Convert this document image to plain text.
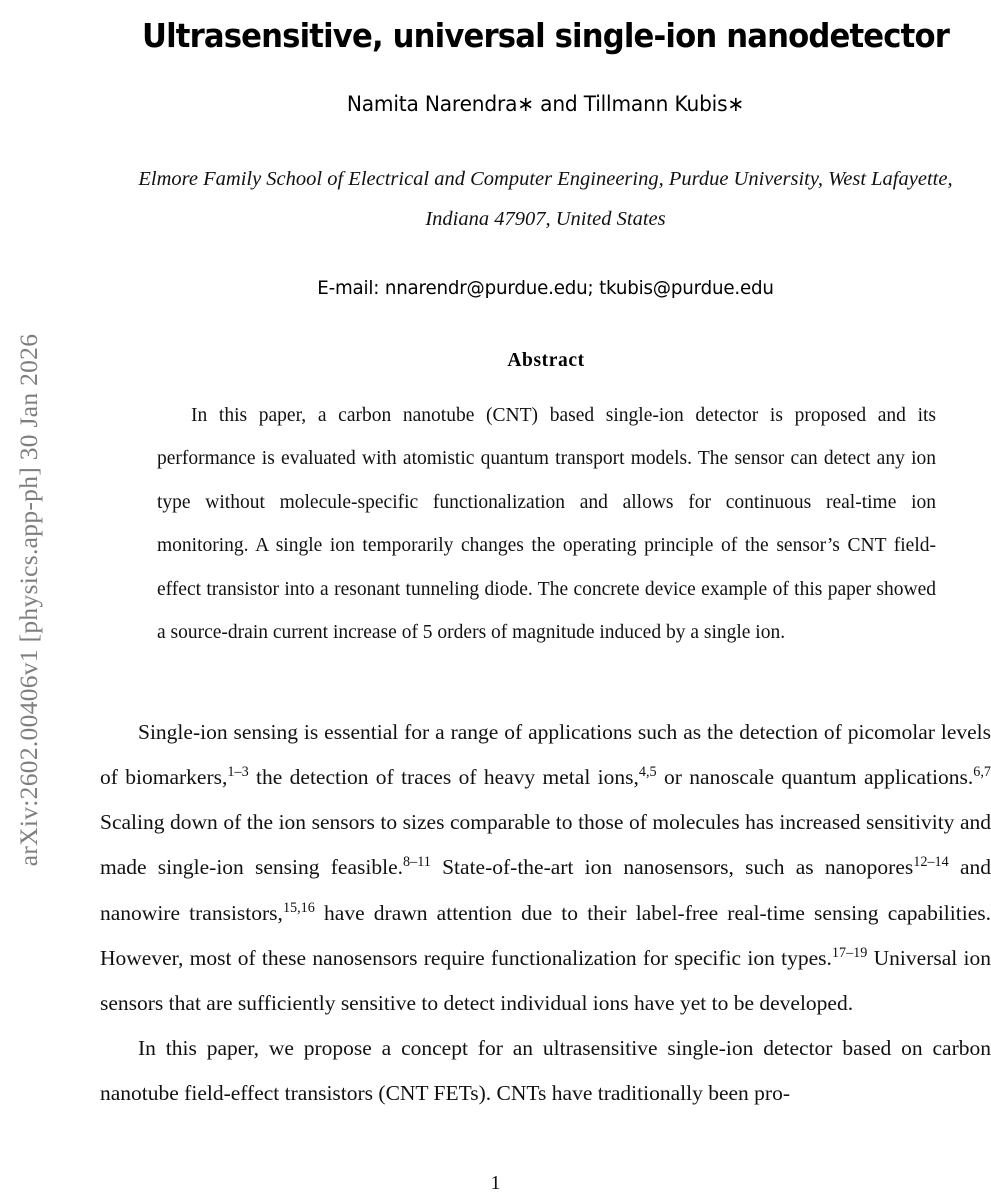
arXiv:2602.00406v1 [physics.app-ph] 30 Jan 2026
Ultrasensitive, universal single-ion nanodetector
Namita Narendra∗ and Tillmann Kubis∗
Elmore Family School of Electrical and Computer Engineering, Purdue University, West Lafayette, Indiana 47907, United States
E-mail: nnarendr@purdue.edu; tkubis@purdue.edu
Abstract

In this paper, a carbon nanotube (CNT) based single-ion detector is proposed and its performance is evaluated with atomistic quantum transport models. The sensor can detect any ion type without molecule-specific functionalization and allows for continuous real-time ion monitoring. A single ion temporarily changes the operating principle of the sensor’s CNT field-effect transistor into a resonant tunneling diode. The concrete device example of this paper showed a source-drain current increase of 5 orders of magnitude induced by a single ion.

Single-ion sensing is essential for a range of applications such as the detection of picomolar levels of biomarkers,$^{1-3}$ the detection of traces of heavy metal ions,$^{4,5}$ or nanoscale quantum applications.$^{6,7}$ Scaling down of the ion sensors to sizes comparable to those of molecules has increased sensitivity and made single-ion sensing feasible.$^{8-11}$ State-of-the-art ion nanosensors, such as nanopores$^{12-14}$ and nanowire transistors,$^{15,16}$ have drawn attention due to their label-free real-time sensing capabilities. However, most of these nanosensors require functionalization for specific ion types.$^{17-19}$ Universal ion sensors that are sufficiently sensitive to detect individual ions have yet to be developed.

In this paper, we propose a concept for an ultrasensitive single-ion detector based on carbon nanotube field-effect transistors (CNT FETs). CNTs have traditionally been pro-

1
